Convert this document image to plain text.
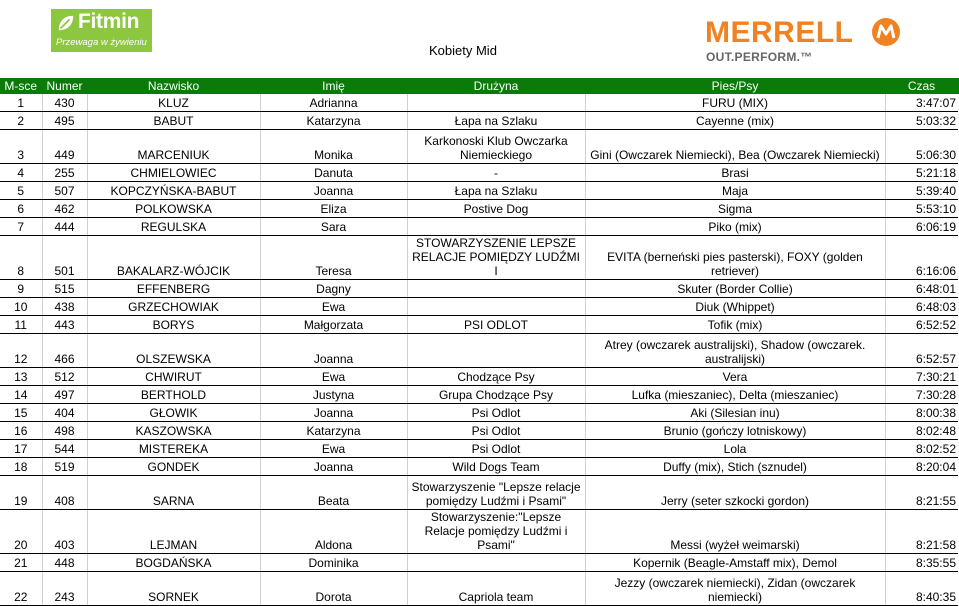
Fitmin
Przewaga w żywieniu
Kobiety Mid
MERRELL
OUT.PERFORM.™
M-sce	Numer	Nazwisko	Imię	Drużyna	Pies/Psy	Czas
1	430	KLUZ	Adrianna		FURU (MIX)	3:47:07
2	495	BABUT	Katarzyna	Łapa na Szlaku	Cayenne (mix)	5:03:32
3	449	MARCENIUK	Monika	Karkonoski Klub Owczarka Niemieckiego	Gini (Owczarek Niemiecki), Bea (Owczarek Niemiecki)	5:06:30
4	255	CHMIELOWIEC	Danuta	-	Brasi	5:21:18
5	507	KOPCZYŃSKA-BABUT	Joanna	Łapa na Szlaku	Maja	5:39:40
6	462	POLKOWSKA	Eliza	Postive Dog	Sigma	5:53:10
7	444	REGULSKA	Sara		Piko (mix)	6:06:19
8	501	BAKALARZ-WÓJCIK	Teresa	STOWARZYSZENIE LEPSZE RELACJE POMIĘDZY LUDŹMI I	EVITA (berneński pies pasterski), FOXY (golden retriever)	6:16:06
9	515	EFFENBERG	Dagny		Skuter (Border Collie)	6:48:01
10	438	GRZECHOWIAK	Ewa		Diuk (Whippet)	6:48:03
11	443	BORYS	Małgorzata	PSI ODLOT	Tofik (mix)	6:52:52
12	466	OLSZEWSKA	Joanna		Atrey (owczarek australijski), Shadow (owczarek. australijski)	6:52:57
13	512	CHWIRUT	Ewa	Chodzące Psy	Vera	7:30:21
14	497	BERTHOLD	Justyna	Grupa Chodzące Psy	Lufka (mieszaniec), Delta (mieszaniec)	7:30:28
15	404	GŁOWIK	Joanna	Psi Odlot	Aki (Silesian inu)	8:00:38
16	498	KASZOWSKA	Katarzyna	Psi Odlot	Brunio (gończy lotniskowy)	8:02:48
17	544	MISTEREKA	Ewa	Psi Odlot	Lola	8:02:52
18	519	GONDEK	Joanna	Wild Dogs Team	Duffy (mix), Stich (sznudel)	8:20:04
19	408	SARNA	Beata	Stowarzyszenie "Lepsze relacje pomiędzy Ludźmi i Psami"	Jerry (seter szkocki gordon)	8:21:55
20	403	LEJMAN	Aldona	Stowarzyszenie:"Lepsze Relacje pomiędzy Ludźmi i Psami"	Messi (wyżeł weimarski)	8:21:58
21	448	BOGDAŃSKA	Dominika		Kopernik (Beagle-Amstaff mix), Demol	8:35:55
22	243	SORNEK	Dorota	Capriola team	Jezzy (owczarek niemiecki), Zidan (owczarek niemiecki)	8:40:35
